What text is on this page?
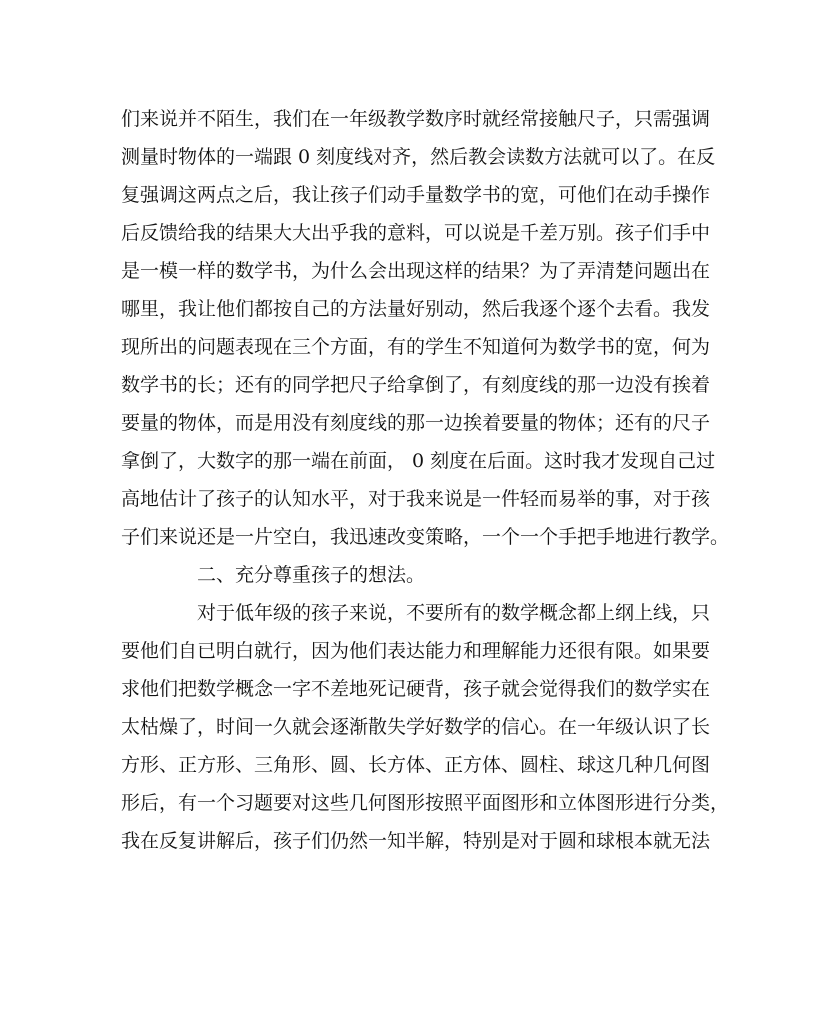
们来说并不陌生，我们在一年级教学数序时就经常接触尺子，只需强调
测量时物体的一端跟 0 刻度线对齐，然后教会读数方法就可以了。在反
复强调这两点之后，我让孩子们动手量数学书的宽，可他们在动手操作
后反馈给我的结果大大出乎我的意料，可以说是千差万别。孩子们手中
是一模一样的数学书，为什么会出现这样的结果？为了弄清楚问题出在
哪里，我让他们都按自己的方法量好别动，然后我逐个逐个去看。我发
现所出的问题表现在三个方面，有的学生不知道何为数学书的宽，何为
数学书的长；还有的同学把尺子给拿倒了，有刻度线的那一边没有挨着
要量的物体，而是用没有刻度线的那一边挨着要量的物体；还有的尺子
拿倒了，大数字的那一端在前面， 0 刻度在后面。这时我才发现自己过
高地估计了孩子的认知水平，对于我来说是一件轻而易举的事，对于孩
子们来说还是一片空白，我迅速改变策略，一个一个手把手地进行教学。
二、充分尊重孩子的想法。
对于低年级的孩子来说，不要所有的数学概念都上纲上线，只
要他们自已明白就行，因为他们表达能力和理解能力还很有限。如果要
求他们把数学概念一字不差地死记硬背，孩子就会觉得我们的数学实在
太枯燥了，时间一久就会逐渐散失学好数学的信心。在一年级认识了长
方形、正方形、三角形、圆、长方体、正方体、圆柱、球这几种几何图
形后，有一个习题要对这些几何图形按照平面图形和立体图形进行分类，
我在反复讲解后，孩子们仍然一知半解，特别是对于圆和球根本就无法
